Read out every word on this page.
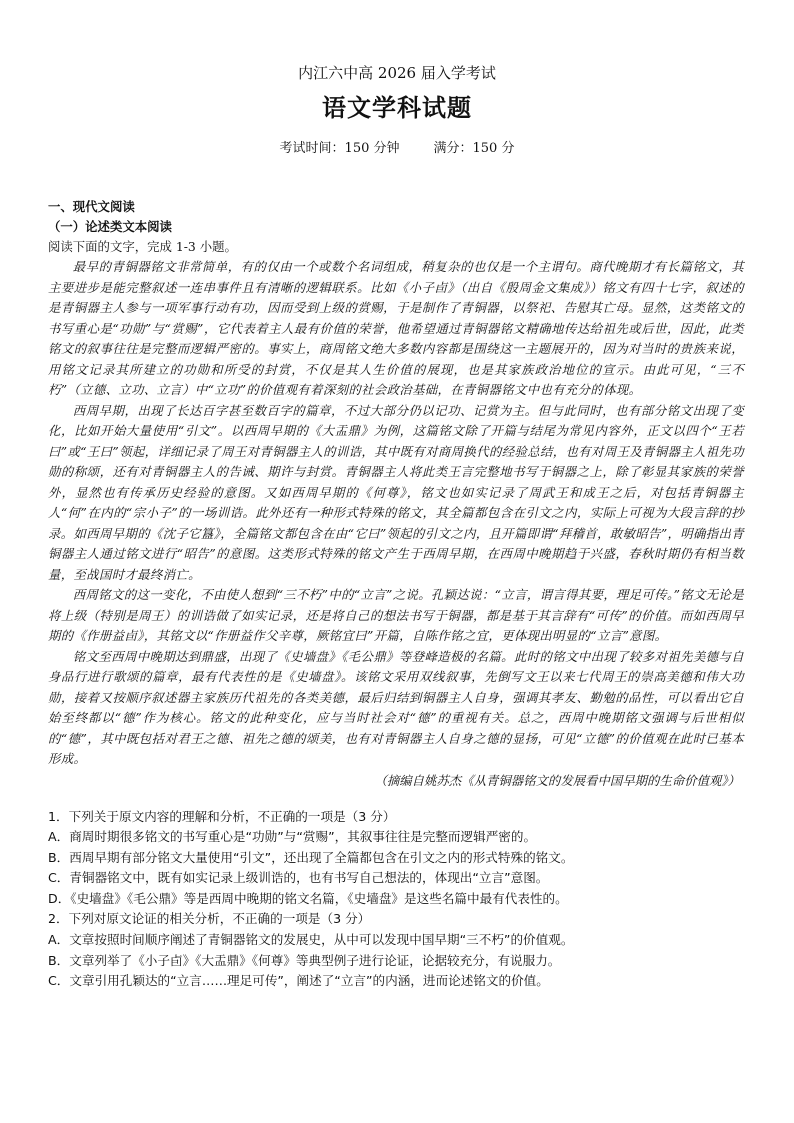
内江六中高 2026 届入学考试
语文学科试题
考试时间：150 分钟	满分：150 分
一、现代文阅读
（一）论述类文本阅读
阅读下面的文字，完成 1-3 小题。

最早的青铜器铭文非常简单，有的仅由一个或数个名词组成，稍复杂的也仅是一个主谓句。商代晚期才有长篇铭文，其主要进步是能完整叙述一连串事件且有清晰的逻辑联系。比如《小子卣》（出自《殷周金文集成》）铭文有四十七字，叙述的是青铜器主人参与一项军事行动有功，因而受到上级的赏赐，于是制作了青铜器，以祭祀、告慰其亡母。显然，这类铭文的书写重心是“功勋”与“赏赐”，它代表着主人最有价值的荣誉，他希望通过青铜器铭文精确地传达给祖先或后世，因此，此类铭文的叙事往往是完整而逻辑严密的。事实上，商周铭文绝大多数内容都是围绕这一主题展开的，因为对当时的贵族来说，用铭文记录其所建立的功勋和所受的封赏，不仅是其人生价值的展现，也是其家族政治地位的宣示。由此可见，“三不朽”（立德、立功、立言）中“立功”的价值观有着深刻的社会政治基础，在青铜器铭文中也有充分的体现。

西周早期，出现了长达百字甚至数百字的篇章，不过大部分仍以记功、记赏为主。但与此同时，也有部分铭文出现了变化，比如开始大量使用“引文”。以西周早期的《大盂鼎》为例，这篇铭文除了开篇与结尾为常见内容外，正文以四个“王若曰”或“王曰”领起，详细记录了周王对青铜器主人的训诰，其中既有对商周换代的经验总结，也有对周王及青铜器主人祖先功勋的称颂，还有对青铜器主人的告诫、期许与封赏。青铜器主人将此类王言完整地书写于铜器之上，除了彰显其家族的荣誉外，显然也有传承历史经验的意图。又如西周早期的《何尊》，铭文也如实记录了周武王和成王之后，对包括青铜器主人“何”在内的“宗小子”的一场训诰。此外还有一种形式特殊的铭文，其全篇都包含在引文之内，实际上可视为大段言辞的抄录。如西周早期的《沈子它簋》，全篇铭文都包含在由“它曰”领起的引文之内，且开篇即谓“拜稽首，敢敏昭告”，明确指出青铜器主人通过铭文进行“昭告”的意图。这类形式特殊的铭文产生于西周早期，在西周中晚期趋于兴盛，春秋时期仍有相当数量，至战国时才最终消亡。

西周铭文的这一变化，不由使人想到“三不朽”中的“立言”之说。孔颖达说：“立言，谓言得其要，理足可传。”铭文无论是将上级（特别是周王）的训诰做了如实记录，还是将自己的想法书写于铜器，都是基于其言辞有“可传”的价值。而如西周早期的《作册益卣》，其铭文以“作册益作父辛尊，厥铭宜曰”开篇，自陈作铭之宜，更体现出明显的“立言”意图。

铭文至西周中晚期达到鼎盛，出现了《史墙盘》《毛公鼎》等登峰造极的名篇。此时的铭文中出现了较多对祖先美德与自身品行进行歌颂的篇章，最有代表性的是《史墙盘》。该铭文采用双线叙事，先倒写文王以来七代周王的崇高美德和伟大功勋，接着又按顺序叙述器主家族历代祖先的各类美德，最后归结到铜器主人自身，强调其孝友、勤勉的品性，可以看出它自始至终都以“德”作为核心。铭文的此种变化，应与当时社会对“德”的重视有关。总之，西周中晚期铭文强调与后世相似的“德”，其中既包括对君王之德、祖先之德的颂美，也有对青铜器主人自身之德的显扬，可见“立德”的价值观在此时已基本形成。

（摘编自姚苏杰《从青铜器铭文的发展看中国早期的生命价值观》）
1．下列关于原文内容的理解和分析，不正确的一项是（3 分）
A．商周时期很多铭文的书写重心是“功勋”与“赏赐”，其叙事往往是完整而逻辑严密的。
B．西周早期有部分铭文大量使用“引文”，还出现了全篇都包含在引文之内的形式特殊的铭文。
C．青铜器铭文中，既有如实记录上级训诰的，也有书写自己想法的，体现出“立言”意图。
D．《史墙盘》《毛公鼎》等是西周中晚期的铭文名篇，《史墙盘》是这些名篇中最有代表性的。
2．下列对原文论证的相关分析，不正确的一项是（3 分）
A．文章按照时间顺序阐述了青铜器铭文的发展史，从中可以发现中国早期“三不朽”的价值观。
B．文章列举了《小子卣》《大盂鼎》《何尊》等典型例子进行论证，论据较充分，有说服力。
C．文章引用孔颖达的“立言……理足可传”，阐述了“立言”的内涵，进而论述铭文的价值。
